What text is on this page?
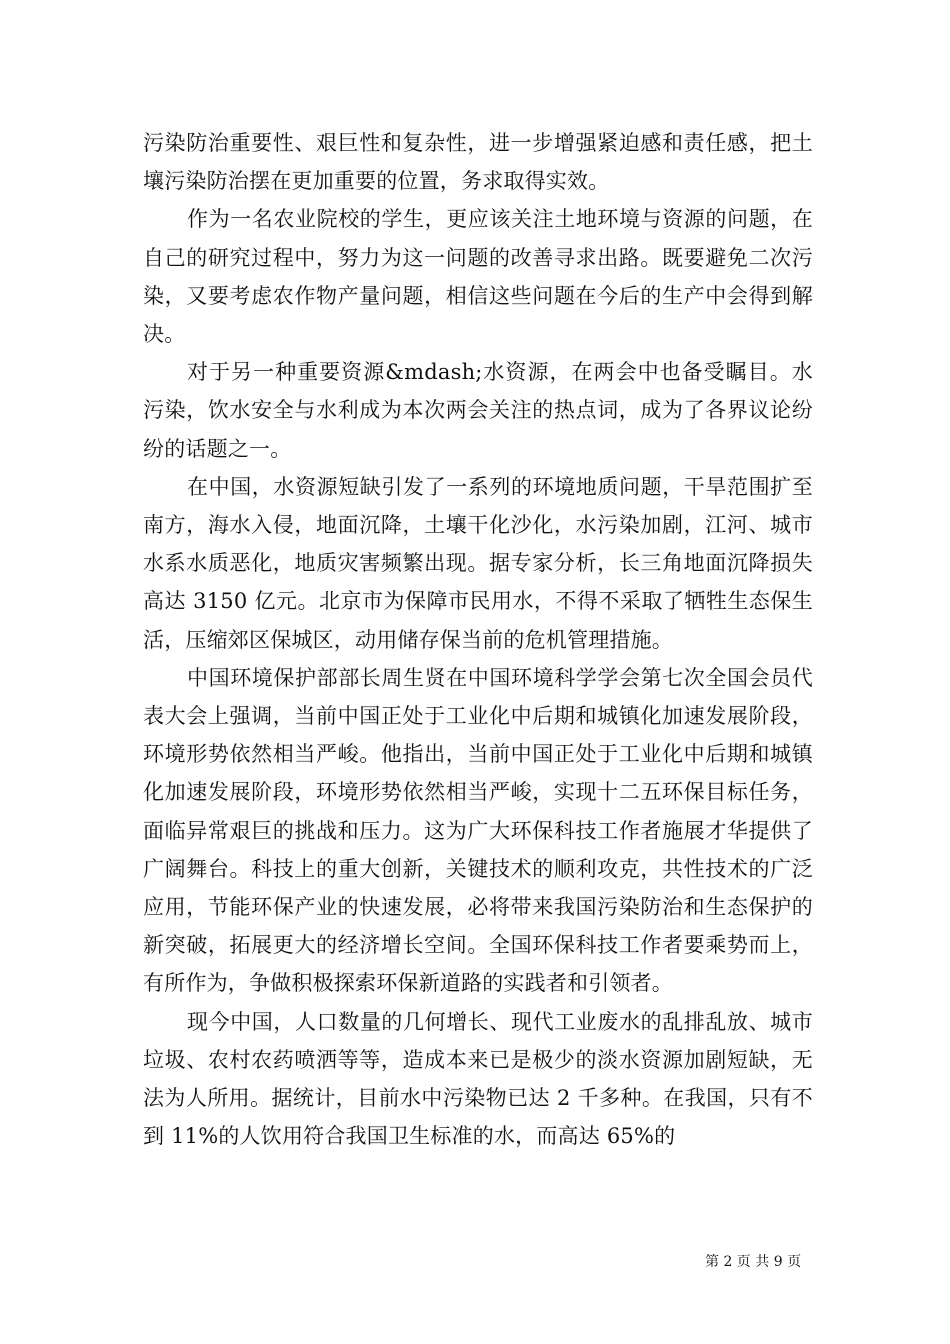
污染防治重要性、艰巨性和复杂性，进一步增强紧迫感和责任感，把土壤污染防治摆在更加重要的位置，务求取得实效。

作为一名农业院校的学生，更应该关注土地环境与资源的问题，在自己的研究过程中，努力为这一问题的改善寻求出路。既要避免二次污染，又要考虑农作物产量问题，相信这些问题在今后的生产中会得到解决。

对于另一种重要资源&mdash;水资源，在两会中也备受瞩目。水污染，饮水安全与水利成为本次两会关注的热点词，成为了各界议论纷纷的话题之一。

在中国，水资源短缺引发了一系列的环境地质问题，干旱范围扩至南方，海水入侵，地面沉降，土壤干化沙化，水污染加剧，江河、城市水系水质恶化，地质灾害频繁出现。据专家分析，长三角地面沉降损失高达 3150 亿元。北京市为保障市民用水，不得不采取了牺牲生态保生活，压缩郊区保城区，动用储存保当前的危机管理措施。

中国环境保护部部长周生贤在中国环境科学学会第七次全国会员代表大会上强调，当前中国正处于工业化中后期和城镇化加速发展阶段，环境形势依然相当严峻。他指出，当前中国正处于工业化中后期和城镇化加速发展阶段，环境形势依然相当严峻，实现十二五环保目标任务，面临异常艰巨的挑战和压力。这为广大环保科技工作者施展才华提供了广阔舞台。科技上的重大创新，关键技术的顺利攻克，共性技术的广泛应用，节能环保产业的快速发展，必将带来我国污染防治和生态保护的新突破，拓展更大的经济增长空间。全国环保科技工作者要乘势而上，有所作为，争做积极探索环保新道路的实践者和引领者。

现今中国，人口数量的几何增长、现代工业废水的乱排乱放、城市垃圾、农村农药喷洒等等，造成本来已是极少的淡水资源加剧短缺，无法为人所用。据统计，目前水中污染物已达 2 千多种。在我国，只有不到 11%的人饮用符合我国卫生标准的水，而高达 65%的

第 2 页 共 9 页
